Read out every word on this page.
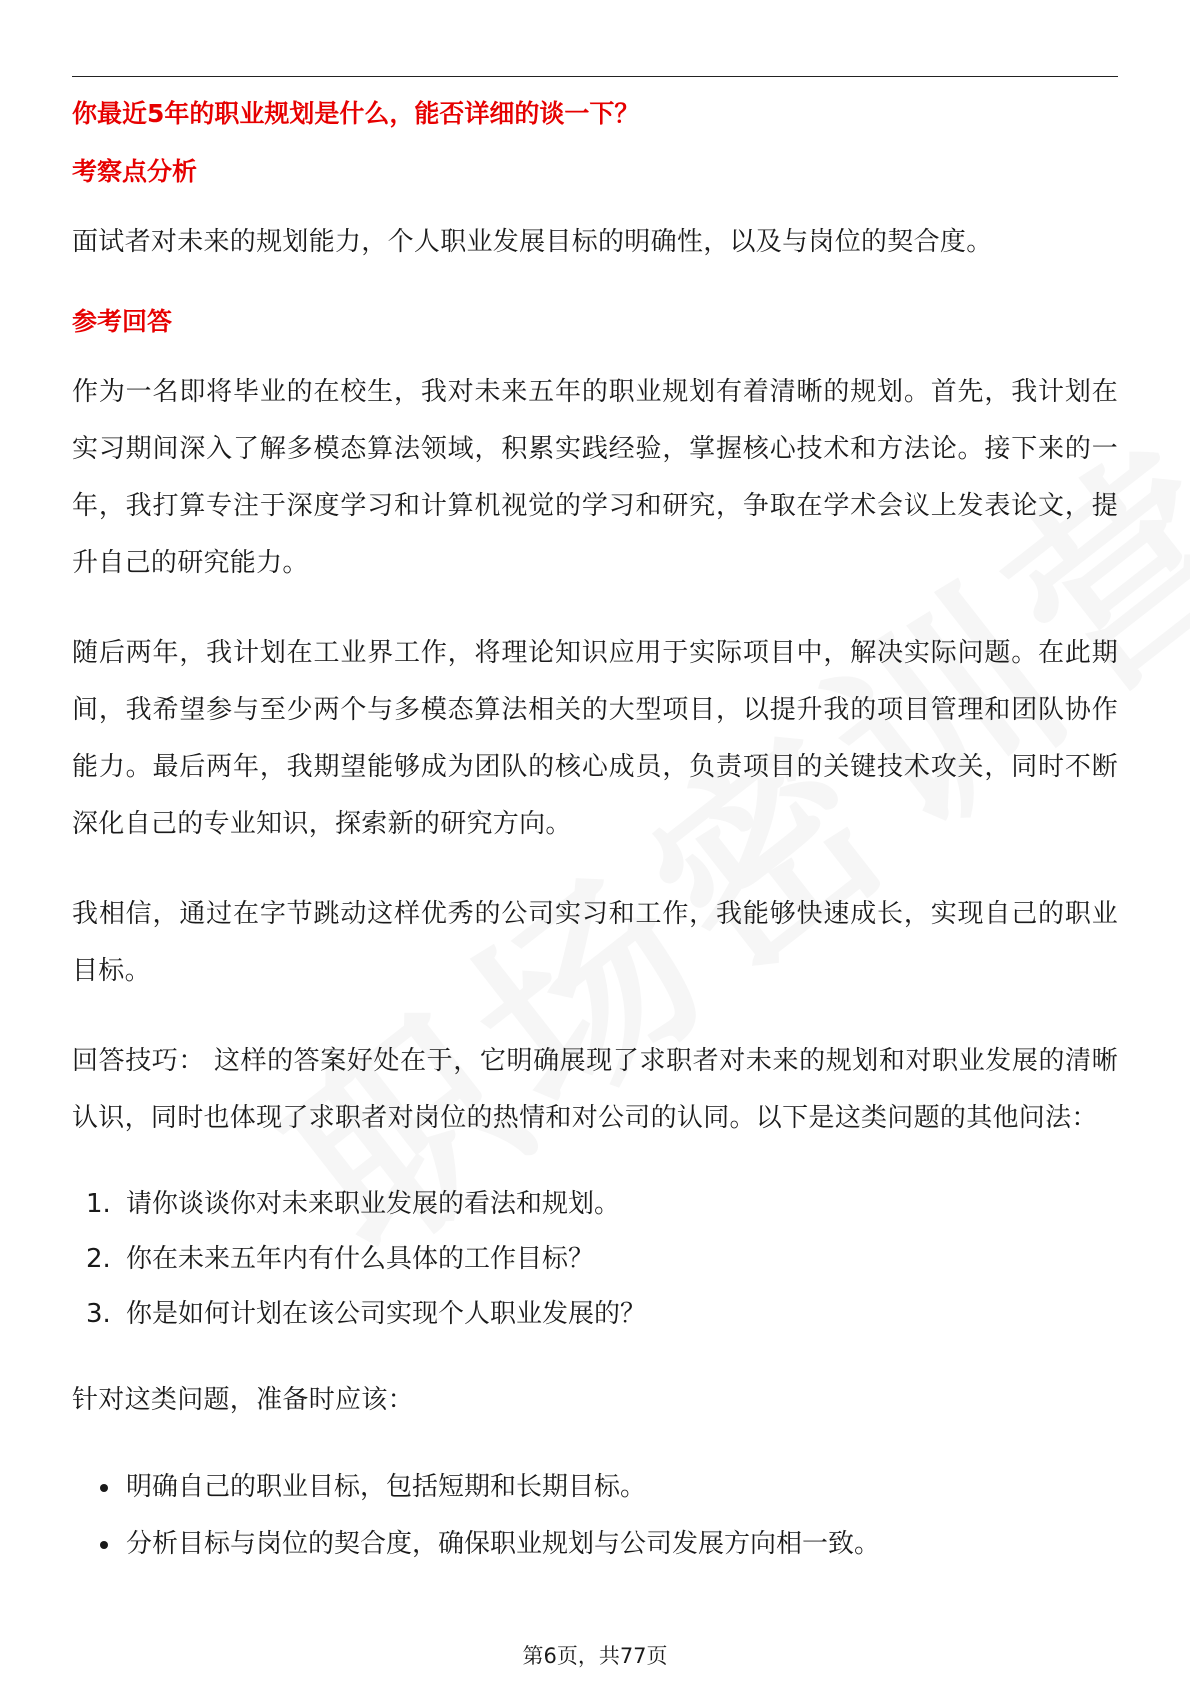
你最近5年的职业规划是什么，能否详细的谈一下？
考察点分析
面试者对未来的规划能力，个人职业发展目标的明确性，以及与岗位的契合度。
参考回答
作为一名即将毕业的在校生，我对未来五年的职业规划有着清晰的规划。首先，我计划在实习期间深入了解多模态算法领域，积累实践经验，掌握核心技术和方法论。接下来的一年，我打算专注于深度学习和计算机视觉的学习和研究，争取在学术会议上发表论文，提升自己的研究能力。
随后两年，我计划在工业界工作，将理论知识应用于实际项目中，解决实际问题。在此期间，我希望参与至少两个与多模态算法相关的大型项目，以提升我的项目管理和团队协作能力。最后两年，我期望能够成为团队的核心成员，负责项目的关键技术攻关，同时不断深化自己的专业知识，探索新的研究方向。
我相信，通过在字节跳动这样优秀的公司实习和工作，我能够快速成长，实现自己的职业目标。
回答技巧： 这样的答案好处在于，它明确展现了求职者对未来的规划和对职业发展的清晰认识，同时也体现了求职者对岗位的热情和对公司的认同。以下是这类问题的其他问法：
1. 请你谈谈你对未来职业发展的看法和规划。
2. 你在未来五年内有什么具体的工作目标？
3. 你是如何计划在该公司实现个人职业发展的？
针对这类问题，准备时应该：
明确自己的职业目标，包括短期和长期目标。
分析目标与岗位的契合度，确保职业规划与公司发展方向相一致。
第6页，共77页
